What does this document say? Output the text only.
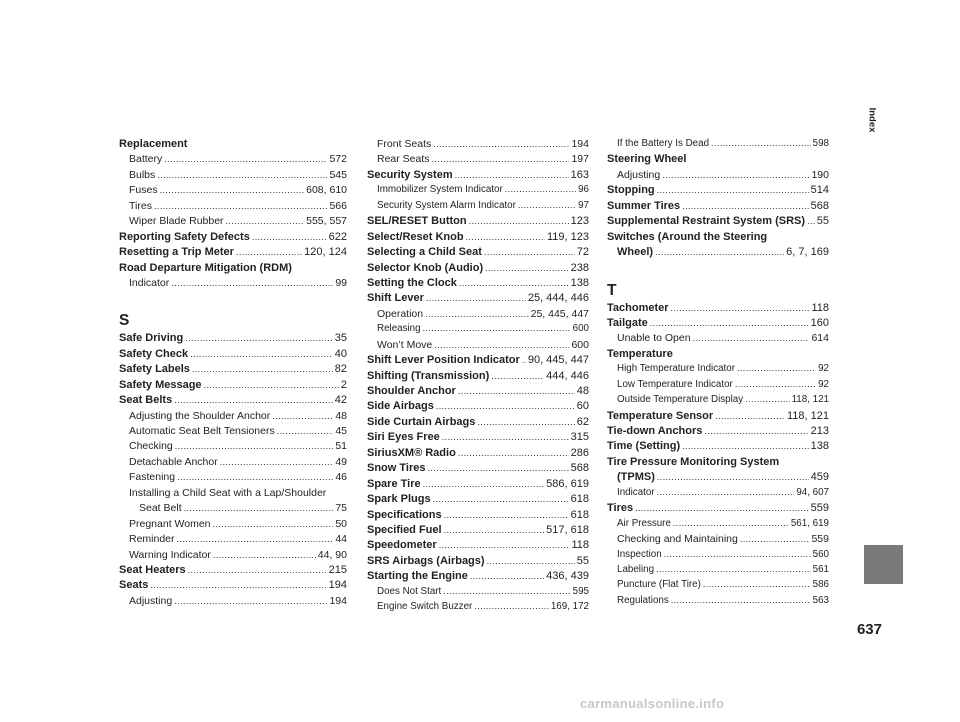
Replacement
Battery .....	572
Bulbs .....	545
Fuses .....	608, 610
Tires .....	566
Wiper Blade Rubber .....	555, 557
Reporting Safety Defects .....	622
Resetting a Trip Meter .....	120, 124
Road Departure Mitigation (RDM)
Indicator .....	99
S
Safe Driving .....	35
Safety Check .....	40
Safety Labels .....	82
Safety Message .....	2
Seat Belts .....	42
Adjusting the Shoulder Anchor .....	48
Automatic Seat Belt Tensioners .....	45
Checking .....	51
Detachable Anchor .....	49
Fastening .....	46
Installing a Child Seat with a Lap/Shoulder
Seat Belt .....	75
Pregnant Women .....	50
Reminder .....	44
Warning Indicator .....	44, 90
Seat Heaters .....	215
Seats .....	194
Adjusting .....	194
Front Seats .....	194
Rear Seats .....	197
Security System .....	163
Immobilizer System Indicator .....	96
Security System Alarm Indicator .....	97
SEL/RESET Button .....	123
Select/Reset Knob .....	119, 123
Selecting a Child Seat .....	72
Selector Knob (Audio) .....	238
Setting the Clock .....	138
Shift Lever .....	25, 444, 446
Operation .....	25, 445, 447
Releasing .....	600
Won’t Move .....	600
Shift Lever Position Indicator ..... 90, 445, 447
Shifting (Transmission) .....	444, 446
Shoulder Anchor .....	48
Side Airbags .....	60
Side Curtain Airbags .....	62
Siri Eyes Free .....	315
SiriusXM® Radio .....	286
Snow Tires .....	568
Spare Tire .....	586, 619
Spark Plugs .....	618
Specifications .....	618
Specified Fuel .....	517, 618
Speedometer .....	118
SRS Airbags (Airbags) .....	55
Starting the Engine .....	436, 439
Does Not Start .....	595
Engine Switch Buzzer .....	169, 172
If the Battery Is Dead .....	598
Steering Wheel
Adjusting .....	190
Stopping .....	514
Summer Tires .....	568
Supplemental Restraint System (SRS) ..... 55
Switches (Around the Steering
Wheel) .....	6, 7, 169
T
Tachometer .....	118
Tailgate .....	160
Unable to Open .....	614
Temperature
High Temperature Indicator .....	92
Low Temperature Indicator .....	92
Outside Temperature Display .....	118, 121
Temperature Sensor .....	118, 121
Tie-down Anchors .....	213
Time (Setting) .....	138
Tire Pressure Monitoring System
(TPMS) .....	459
Indicator .....	94, 607
Tires .....	559
Air Pressure .....	561, 619
Checking and Maintaining .....	559
Inspection .....	560
Labeling .....	561
Puncture (Flat Tire) .....	586
Regulations .....	563
Index
637
carmanualsonline.info
